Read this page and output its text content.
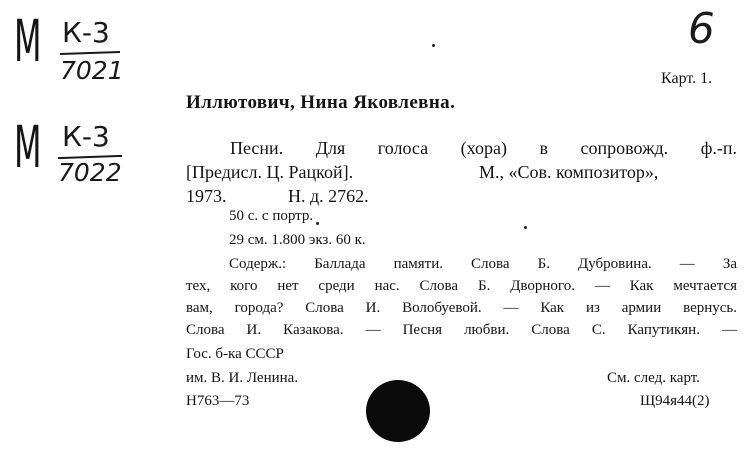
М К-3
7021
М К-3
7022
6
Карт. 1.
Иллютович, Нина Яковлевна.
Песни. Для голоса (хора) в сопровожд. ф.-п.
[Предисл. Ц. Рацкой].	М., «Сов. композитор»,
1973.	Н. д. 2762.
50 с. с портр.
29 см. 1.800 экз. 60 к.
Содерж.: Баллада памяти. Слова Б. Дубровина. — За
тех, кого нет среди нас. Слова Б. Дворного. — Как мечтается
вам, города? Слова И. Волобуевой. — Как из армии вернусь.
Слова И. Казакова. — Песня любви. Слова С. Капутикян. —
Гос. б-ка СССР
им. В. И. Ленина.	См. след. карт.
Н763—73	Щ94я44(2)
